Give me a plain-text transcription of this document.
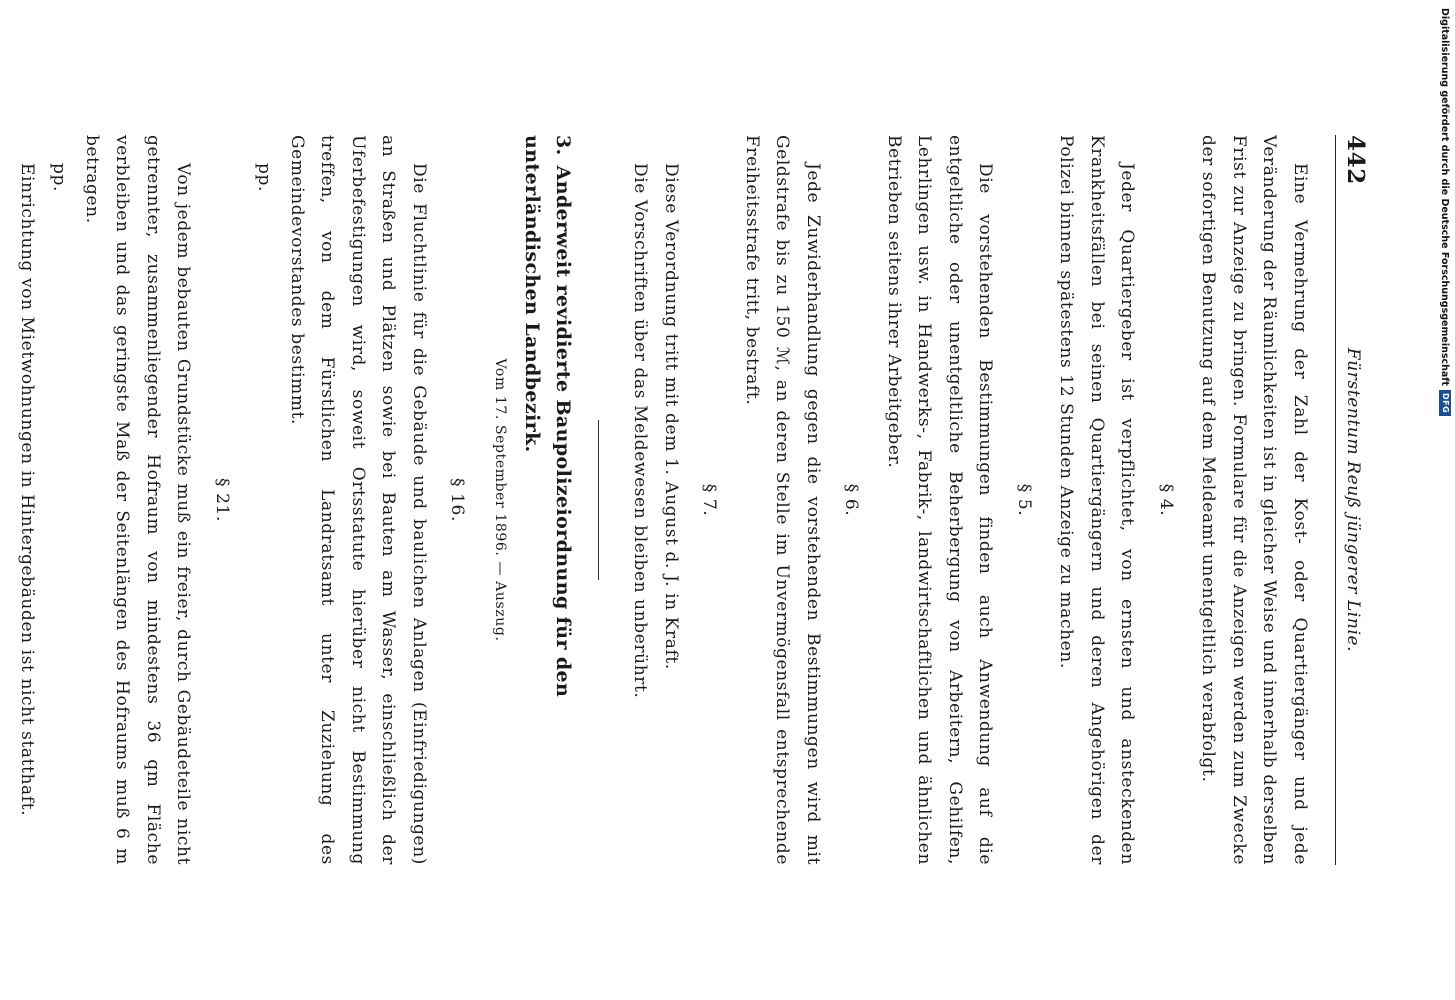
442
Fürstentum Reuß jüngerer Linie.

Eine Vermehrung der Zahl der Kost- oder Quartiergänger und jede Veränderung der Räumlichkeiten ist in gleicher Weise und innerhalb derselben Frist zur Anzeige zu bringen. Formulare für die Anzeigen werden zum Zwecke der sofortigen Benutzung auf dem Meldeamt unentgeltlich verabfolgt.

§ 4.

Jeder Quartiergeber ist verpflichtet, von ernsten und ansteckenden Krankheitsfällen bei seinen Quartiergängern und deren Angehörigen der Polizei binnen spätestens 12 Stunden Anzeige zu machen.

§ 5.

Die vorstehenden Bestimmungen finden auch Anwendung auf die entgeltliche oder unentgeltliche Beherbergung von Arbeitern, Gehilfen, Lehrlingen usw. in Handwerks-, Fabrik-, landwirtschaftlichen und ähnlichen Betrieben seitens ihrer Arbeitgeber.

§ 6.

Jede Zuwiderhandlung gegen die vorstehenden Bestimmungen wird mit Geldstrafe bis zu 150 ℳ, an deren Stelle im Unvermögensfall entsprechende Freiheitsstrafe tritt, bestraft.

§ 7.

Diese Verordnung tritt mit dem 1. August d. J. in Kraft.

Die Vorschriften über das Meldewesen bleiben unberührt.

3.Anderweit revidierte Baupolizeiordnung für den unterländischen Landbezirk.
Vom 17. September 1896. — Auszug.
§ 16.

Die Fluchtlinie für die Gebäude und baulichen Anlagen (Einfriedigungen) an Straßen und Plätzen sowie bei Bauten am Wasser, einschließlich der Uferbefestigungen wird, soweit Ortsstatute hierüber nicht Bestimmung treffen, von dem Fürstlichen Landratsamt unter Zuziehung des Gemeindevorstandes bestimmt.

pp.

§ 21.

Von jedem bebauten Grundstücke muß ein freier, durch Gebäudeteile nicht getrennter, zusammenliegender Hofraum von mindestens 36 qm Fläche verbleiben und das geringste Maß der Seitenlängen des Hofraums muß 6 m betragen.

pp.

Einrichtung von Mietwohnungen in Hintergebäuden ist nicht statthaft.	Digitalisierung gefördert durch die Deutsche Forschungsgemeinschaft
DFG
